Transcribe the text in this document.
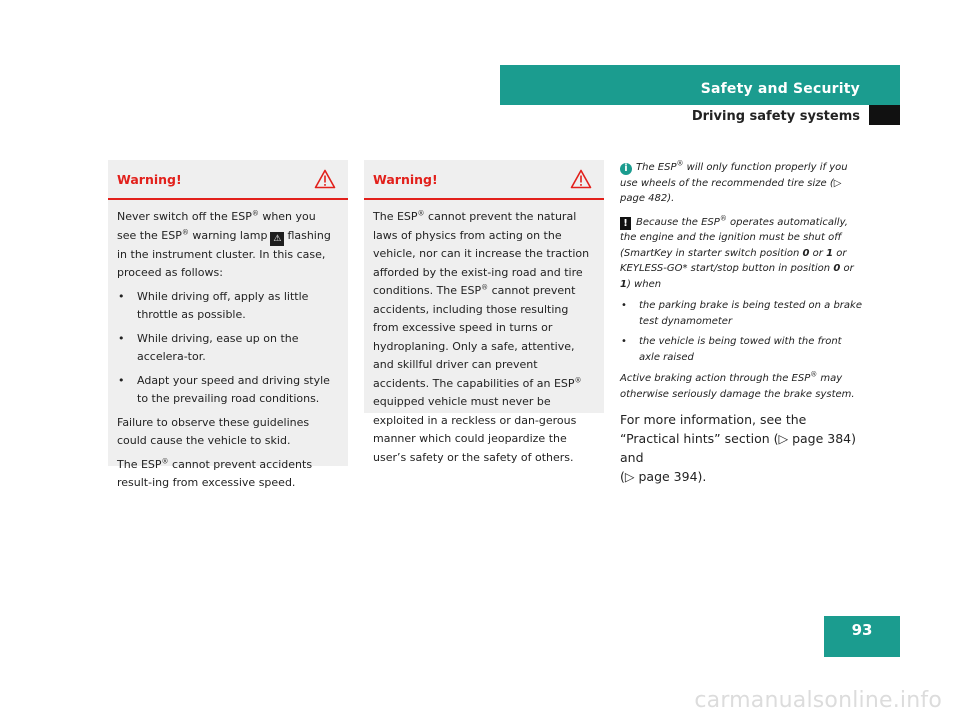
Safety and Security
Driving safety systems
Warning!

Never switch off the ESP® when you see the ESP® warning lamp ⚠ flashing in the instrument cluster. In this case, proceed as follows:

• While driving off, apply as little throttle as possible.
• While driving, ease up on the accelera-tor.
• Adapt your speed and driving style to the prevailing road conditions.

Failure to observe these guidelines could cause the vehicle to skid.

The ESP® cannot prevent accidents result-ing from excessive speed.

Warning!

The ESP® cannot prevent the natural laws of physics from acting on the vehicle, nor can it increase the traction afforded by the exist-ing road and tire conditions. The ESP® cannot prevent accidents, including those resulting from excessive speed in turns or hydroplaning. Only a safe, attentive, and skillful driver can prevent accidents. The capabilities of an ESP® equipped vehicle must never be exploited in a reckless or dan-gerous manner which could jeopardize the user’s safety or the safety of others.

i The ESP® will only function properly if you use wheels of the recommended tire size (▷ page 482).

! Because the ESP® operates automatically, the engine and the ignition must be shut off (SmartKey in starter switch position 0 or 1 or KEYLESS-GO* start/stop button in position 0 or 1) when

• the parking brake is being tested on a brake test dynamometer
• the vehicle is being towed with the front axle raised

Active braking action through the ESP® may otherwise seriously damage the brake system.

For more information, see the “Practical hints” section (▷ page 384) and
(▷ page 394).

93
carmanualsonline.info
